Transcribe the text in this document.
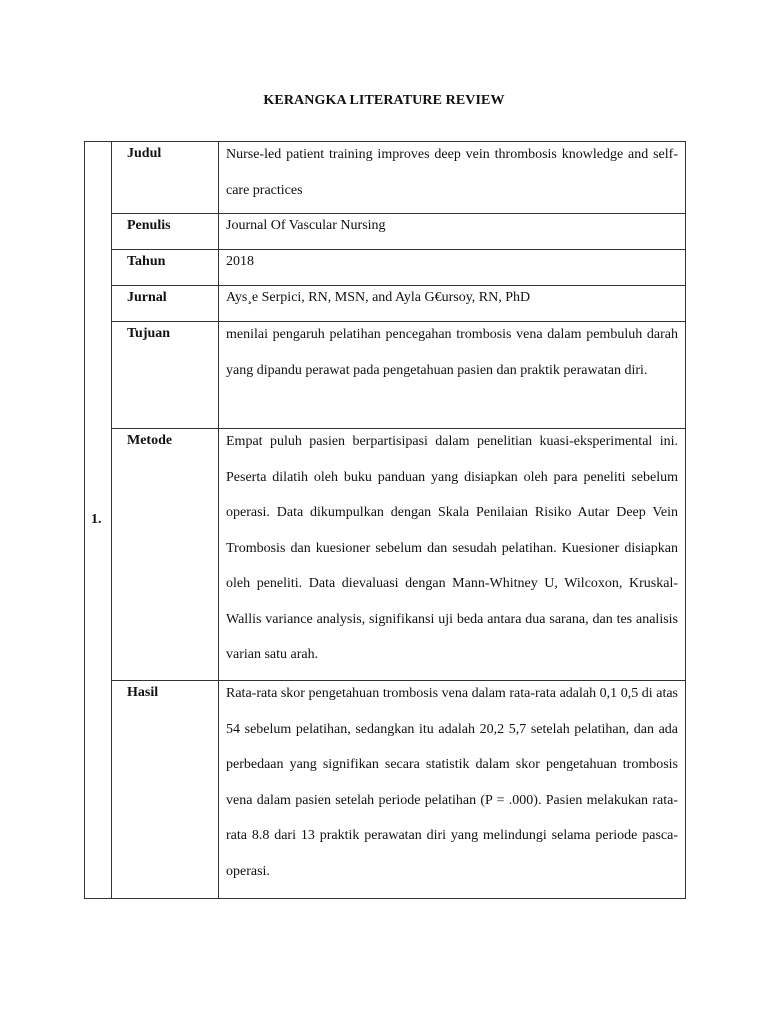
KERANGKA LITERATURE REVIEW
1.	Judul	Nurse-led patient training improves deep vein thrombosis knowledge and self-care practices

	Penulis	Journal Of Vascular Nursing

	Tahun	2018

	Jurnal	Ays¸e Serpici, RN, MSN, and Ayla G€ursoy, RN, PhD

	Tujuan	menilai pengaruh pelatihan pencegahan trombosis vena dalam pembuluh darah yang dipandu perawat pada pengetahuan pasien dan praktik perawatan diri.

	Metode	Empat puluh pasien berpartisipasi dalam penelitian kuasi-eksperimental ini. Peserta dilatih oleh buku panduan yang disiapkan oleh para peneliti sebelum operasi. Data dikumpulkan dengan Skala Penilaian Risiko Autar Deep Vein Trombosis dan kuesioner sebelum dan sesudah pelatihan. Kuesioner disiapkan oleh peneliti. Data dievaluasi dengan Mann-Whitney U, Wilcoxon, Kruskal-Wallis variance analysis, signifikansi uji beda antara dua sarana, dan tes analisis varian satu arah.

	Hasil	Rata-rata skor pengetahuan trombosis vena dalam rata-rata adalah 0,1 0,5 di atas 54 sebelum pelatihan, sedangkan itu adalah 20,2 5,7 setelah pelatihan, dan ada perbedaan yang signifikan secara statistik dalam skor pengetahuan trombosis vena dalam pasien setelah periode pelatihan (P = .000). Pasien melakukan rata-rata 8.8 dari 13 praktik perawatan diri yang melindungi selama periode pasca-operasi.
